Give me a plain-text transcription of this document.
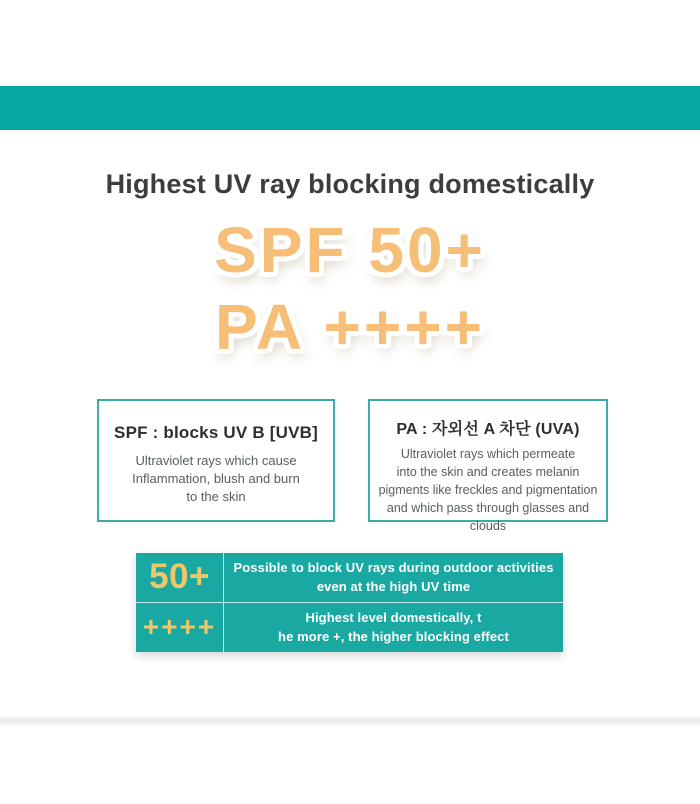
Highest UV ray blocking domestically
SPF 50+
PA ++++
SPF : blocks UV B [UVB]

Ultraviolet rays which cause
Inflammation, blush and burn
to the skin

PA : 자외선 A 차단 (UVA)

Ultraviolet rays which permeate
into the skin and creates melanin
pigments like freckles and pigmentation
and which pass through glasses and clouds

50+ Possible to block UV rays during outdoor activities
even at the high UV time
++++	Highest level domestically, t
he more +, the higher blocking effect
